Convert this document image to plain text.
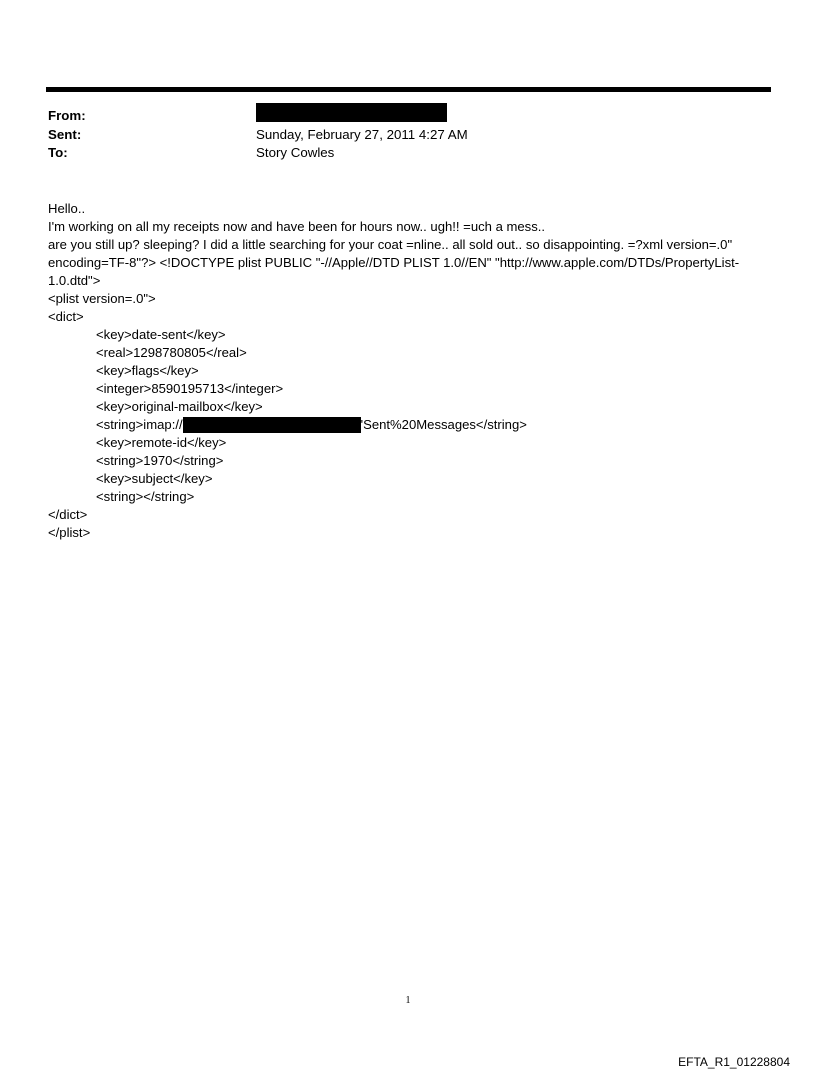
From:
Sent:	Sunday, February 27, 2011 4:27 AM
To:	Story Cowles
Hello..
I'm working on all my receipts now and have been for hours now.. ugh!! =uch a mess..
are you still up? sleeping? I did a little searching for your coat =nline.. all sold out.. so disappointing. =?xml version=.0" encoding=TF-8"?> <!DOCTYPE plist PUBLIC "-//Apple//DTD PLIST 1.0//EN" "http://www.apple.com/DTDs/PropertyList-1.0.dtd">
<plist version=.0">
<dict>
<key>date-sent</key>
<real>1298780805</real>
<key>flags</key>
<integer>8590195713</integer>
<key>original-mailbox</key>
<string>imap://	'Sent%20Messages</string>
<key>remote-id</key>
<string>1970</string>
<key>subject</key>
<string></string>
</dict>
</plist>
1
EFTA_R1_01228804
